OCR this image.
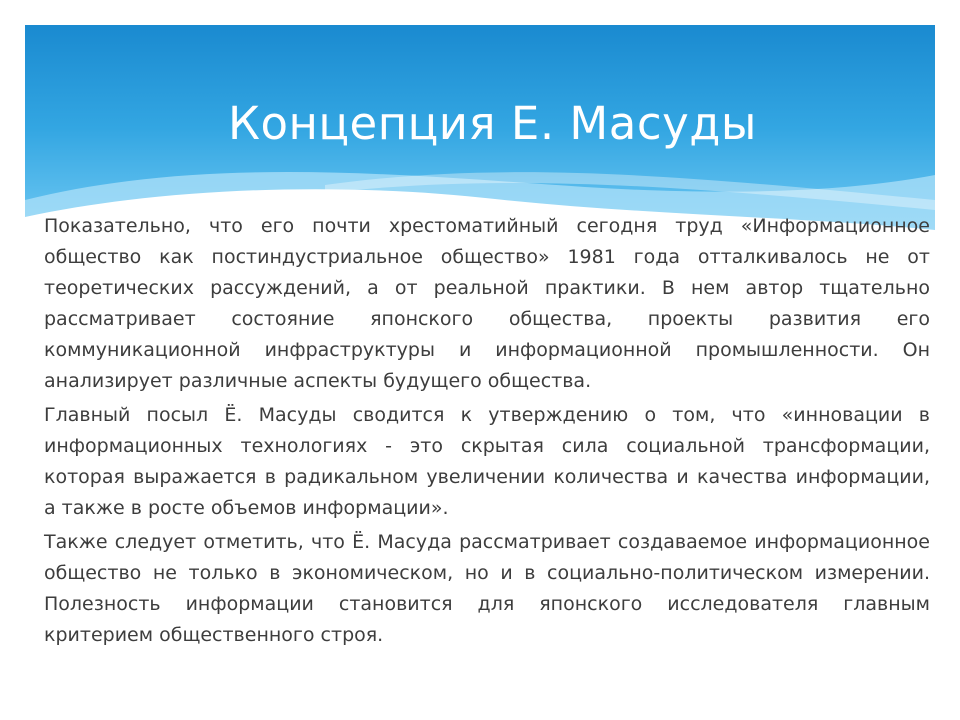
Концепция Е. Масуды

Показательно, что его почти хрестоматийный сегодня труд «Информационное общество как постиндустриальное общество» 1981 года отталкивалось не от теоретических рассуждений, а от реальной практики. В нем автор тщательно рассматривает состояние японского общества, проекты развития его коммуникационной инфраструктуры и информационной промышленности. Он анализирует различные аспекты будущего общества.

Главный посыл Ё. Масуды сводится к утверждению о том, что «инновации в информационных технологиях - это скрытая сила социальной трансформации, которая выражается в радикальном увеличении количества и качества информации, а также в росте объемов информации».

Также следует отметить, что Ё. Масуда рассматривает создаваемое информационное общество не только в экономическом, но и в социально-политическом измерении. Полезность информации становится для японского исследователя главным критерием общественного строя.
